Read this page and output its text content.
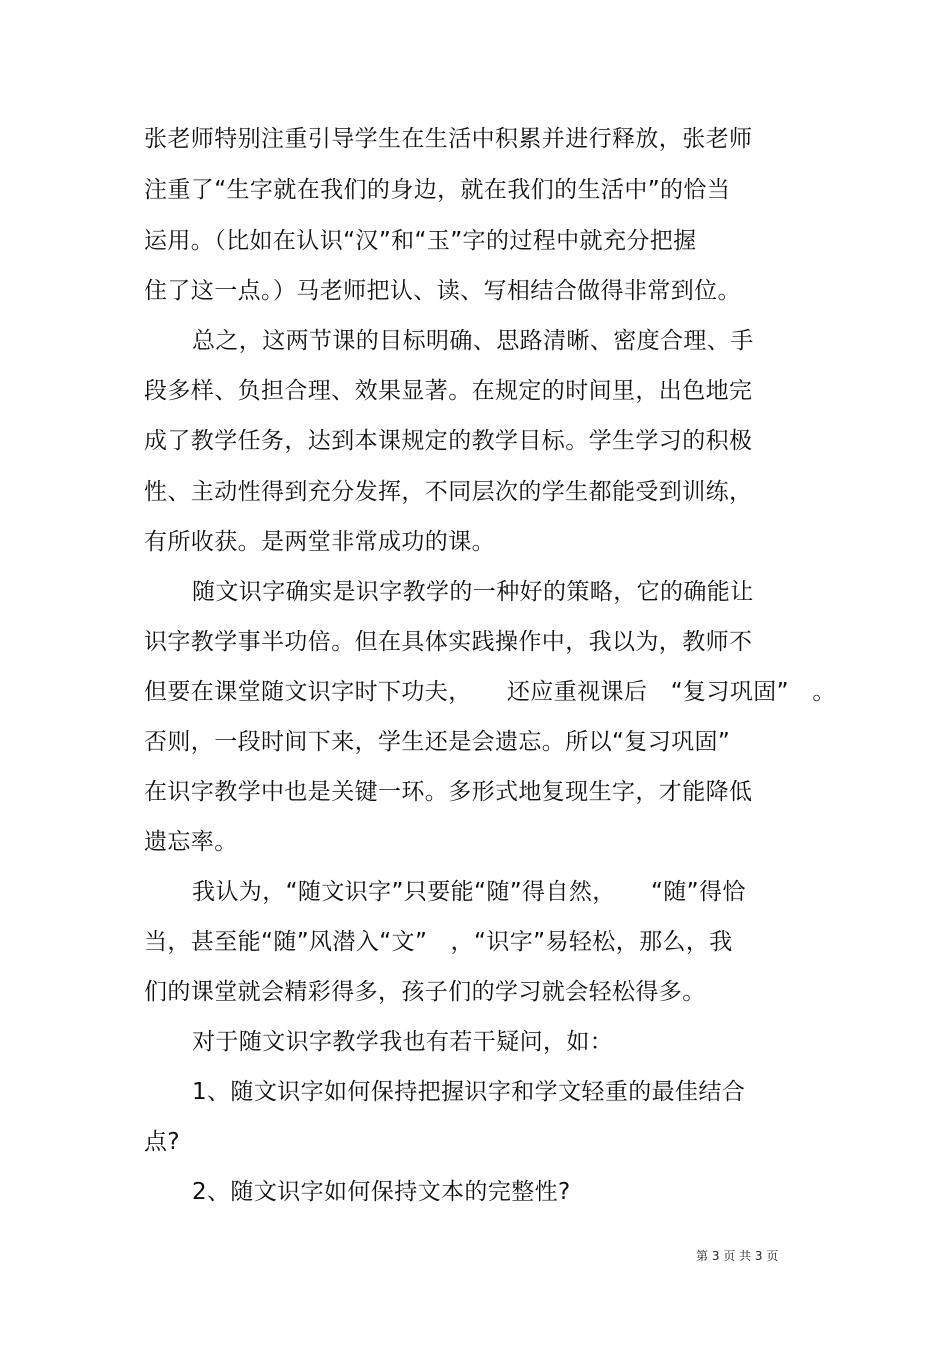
张老师特别注重引导学生在生活中积累并进行释放，张老师
注重了“生字就在我们的身边，就在我们的生活中”的恰当
运用。（比如在认识“汉”和“玉”字的过程中就充分把握
住了这一点。）马老师把认、读、写相结合做得非常到位。
总之，这两节课的目标明确、思路清晰、密度合理、手
段多样、负担合理、效果显著。在规定的时间里，出色地完
成了教学任务，达到本课规定的教学目标。学生学习的积极
性、主动性得到充分发挥，不同层次的学生都能受到训练，
有所收获。是两堂非常成功的课。
随文识字确实是识字教学的一种好的策略，它的确能让
识字教学事半功倍。但在具体实践操作中，我以为，教师不
但要在课堂随文识字时下功夫，　　还应重视课后　“复习巩固”　。
否则，一段时间下来，学生还是会遗忘。所以“复习巩固”
在识字教学中也是关键一环。多形式地复现生字，才能降低
遗忘率。
我认为，“随文识字”只要能“随”得自然，　　“随”得恰
当，甚至能“随”风潜入“文”　，“识字”易轻松，那么，我
们的课堂就会精彩得多，孩子们的学习就会轻松得多。
对于随文识字教学我也有若干疑问，如：
1、随文识字如何保持把握识字和学文轻重的最佳结合
点?
2、随文识字如何保持文本的完整性?
第 3 页 共 3 页
